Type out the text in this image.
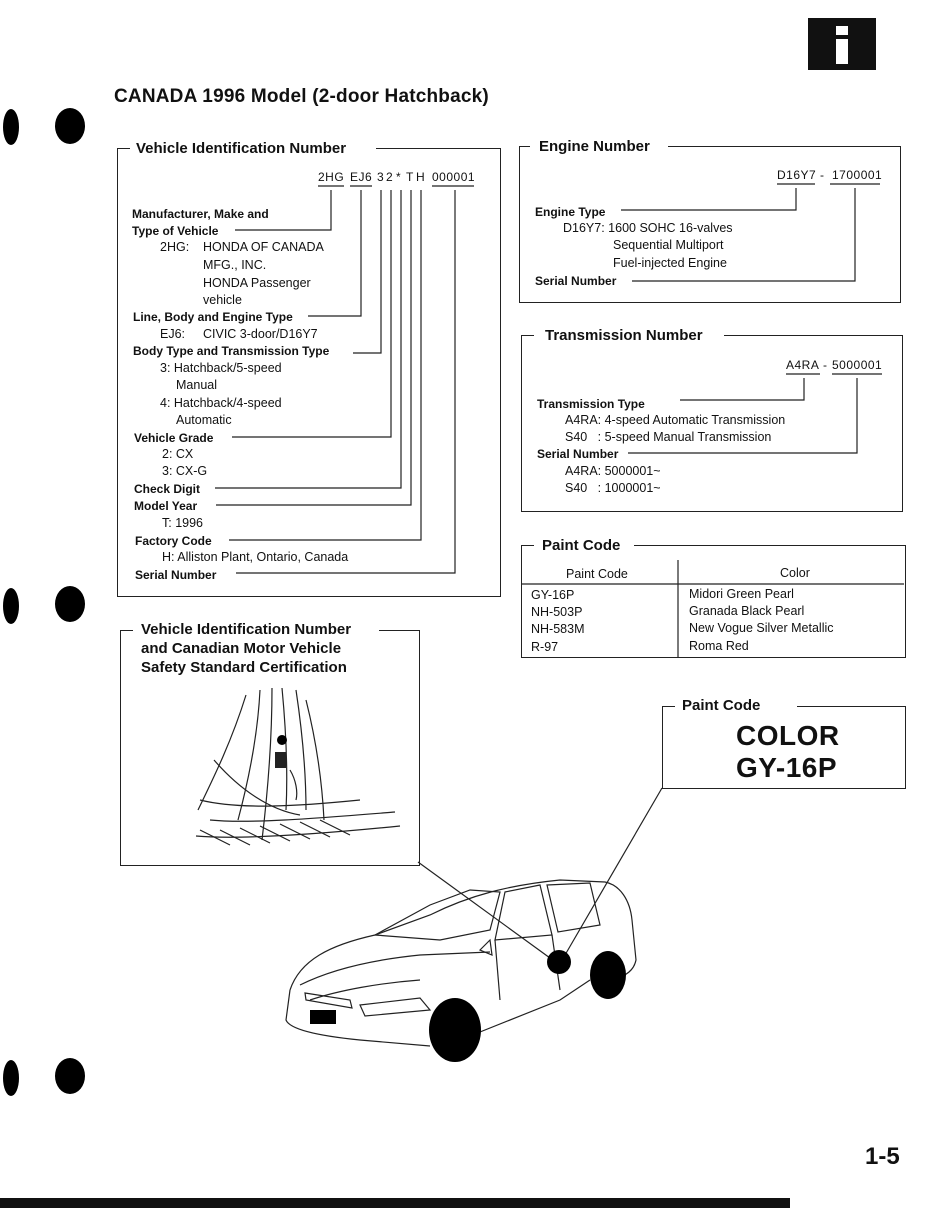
CANADA 1996 Model (2-door Hatchback)
Vehicle Identification Number
2HG EJ6 3 2 * T H 000001
Manufacturer, Make and
Type of Vehicle
2HG: HONDA OF CANADA
MFG., INC.
HONDA Passenger
vehicle
Line, Body and Engine Type
EJ6: CIVIC 3-door/D16Y7
Body Type and Transmission Type
3: Hatchback/5-speed
Manual
4: Hatchback/4-speed
Automatic
Vehicle Grade
2: CX
3: CX-G
Check Digit
Model Year
T: 1996
Factory Code
H: Alliston Plant, Ontario, Canada
Serial Number
Engine Number
D16Y7 - 1700001
Engine Type
D16Y7: 1600 SOHC 16-valves
Sequential Multiport
Fuel-injected Engine
Serial Number
Transmission Number
A4RA - 5000001
Transmission Type
A4RA: 4-speed Automatic Transmission
S40   : 5-speed Manual Transmission
Serial Number
A4RA: 5000001~
S40   : 1000001~
Paint Code
Paint Code	Color
GY-16P	Midori Green Pearl
NH-503P	Granada Black Pearl
NH-583M	New Vogue Silver Metallic
R-97	Roma Red
Vehicle Identification Number
and Canadian Motor Vehicle
Safety Standard Certification
Paint Code
COLOR
GY-16P
1-5
